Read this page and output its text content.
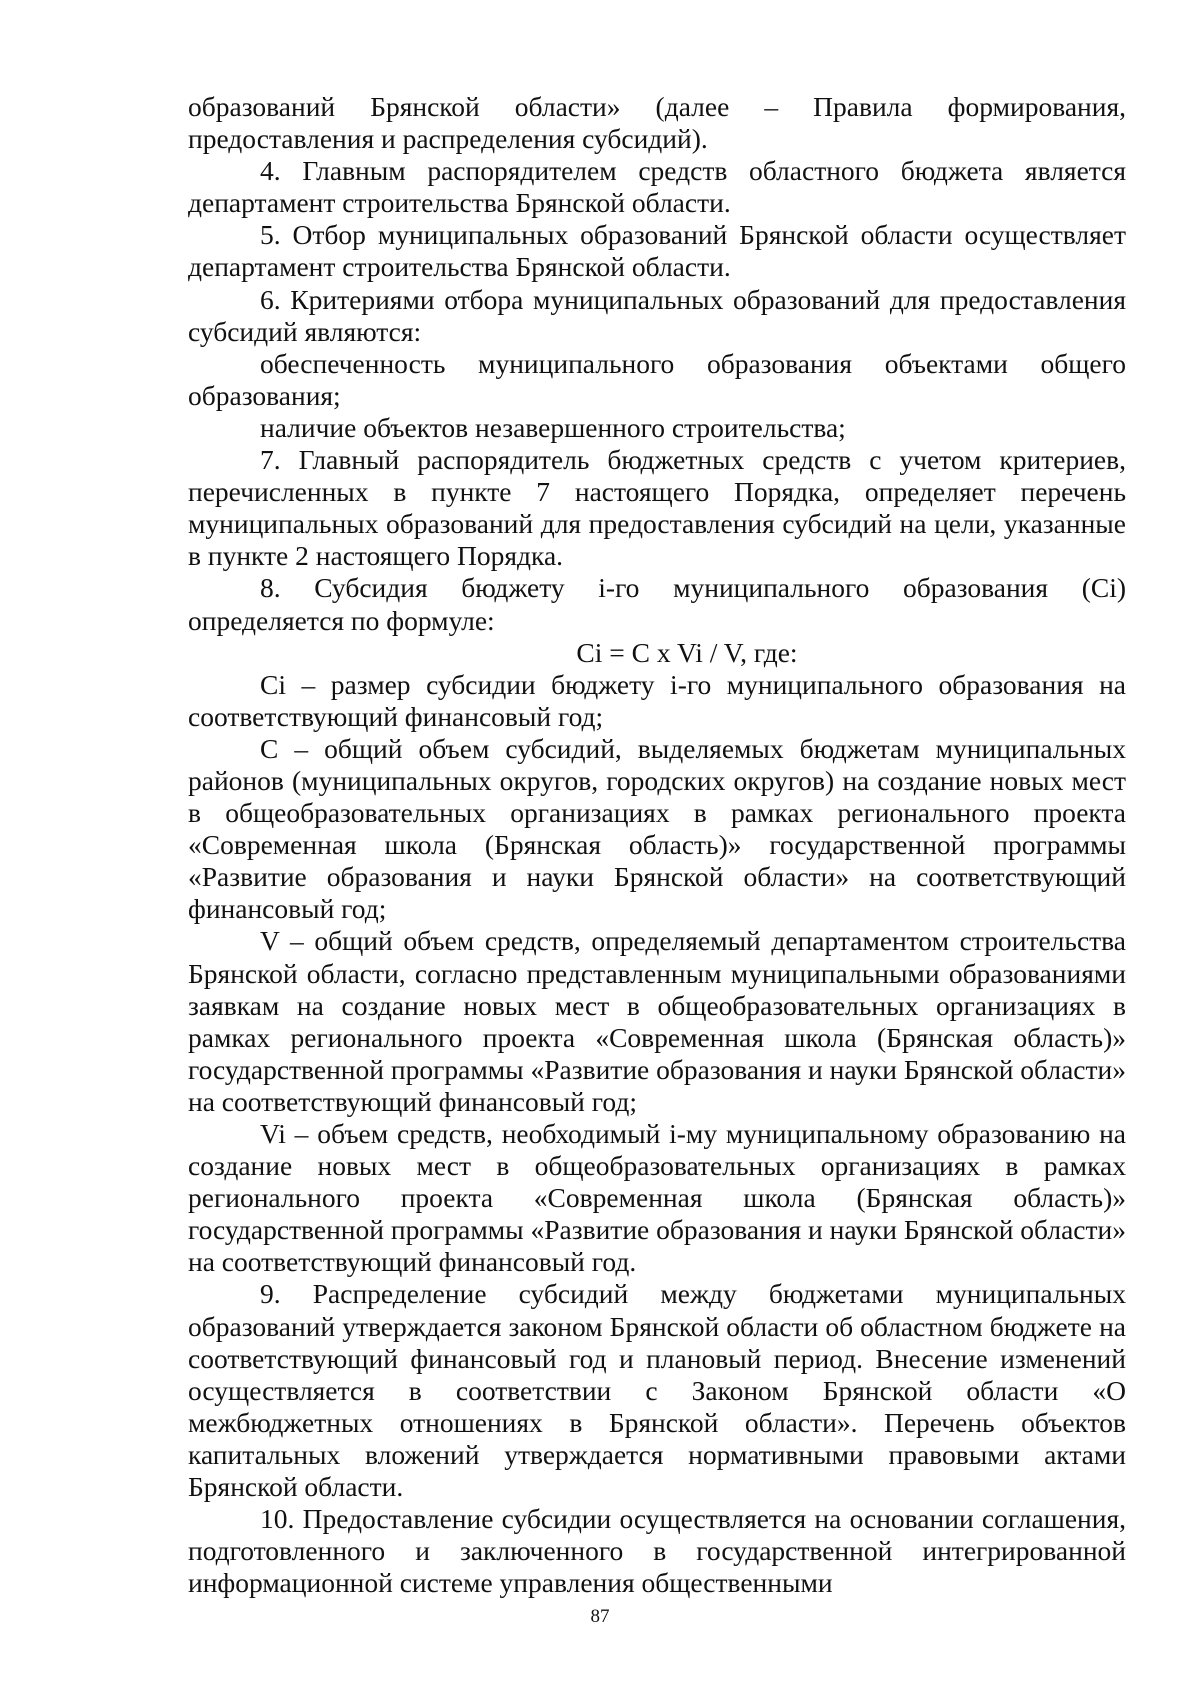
образований Брянской области» (далее – Правила формирования, предоставления и распределения субсидий).

4. Главным распорядителем средств областного бюджета является департамент строительства Брянской области.

5. Отбор муниципальных образований Брянской области осуществляет департамент строительства Брянской области.

6. Критериями отбора муниципальных образований для предоставления субсидий являются:

обеспеченность муниципального образования объектами общего образования;

наличие объектов незавершенного строительства;

7. Главный распорядитель бюджетных средств с учетом критериев, перечисленных в пункте 7 настоящего Порядка, определяет перечень муниципальных образований для предоставления субсидий на цели, указанные в пункте 2 настоящего Порядка.

8. Субсидия бюджету i-го муниципального образования (Ci) определяется по формуле:

Ci = C x Vi / V, где:

Ci – размер субсидии бюджету i-го муниципального образования на соответствующий финансовый год;

C – общий объем субсидий, выделяемых бюджетам муниципальных районов (муниципальных округов, городских округов) на создание новых мест в общеобразовательных организациях в рамках регионального проекта «Современная школа (Брянская область)» государственной программы «Развитие образования и науки Брянской области» на соответствующий финансовый год;

V – общий объем средств, определяемый департаментом строительства Брянской области, согласно представленным муниципальными образованиями заявкам на создание новых мест в общеобразовательных организациях в рамках регионального проекта «Современная школа (Брянская область)» государственной программы «Развитие образования и науки Брянской области» на соответствующий финансовый год;

Vi – объем средств, необходимый i-му муниципальному образованию на создание новых мест в общеобразовательных организациях в рамках регионального проекта «Современная школа (Брянская область)» государственной программы «Развитие образования и науки Брянской области» на соответствующий финансовый год.

9. Распределение субсидий между бюджетами муниципальных образований утверждается законом Брянской области об областном бюджете на соответствующий финансовый год и плановый период. Внесение изменений осуществляется в соответствии с Законом Брянской области «О межбюджетных отношениях в Брянской области». Перечень объектов капитальных вложений утверждается нормативными правовыми актами Брянской области.

10. Предоставление субсидии осуществляется на основании соглашения, подготовленного и заключенного в государственной интегрированной информационной системе управления общественными

87
